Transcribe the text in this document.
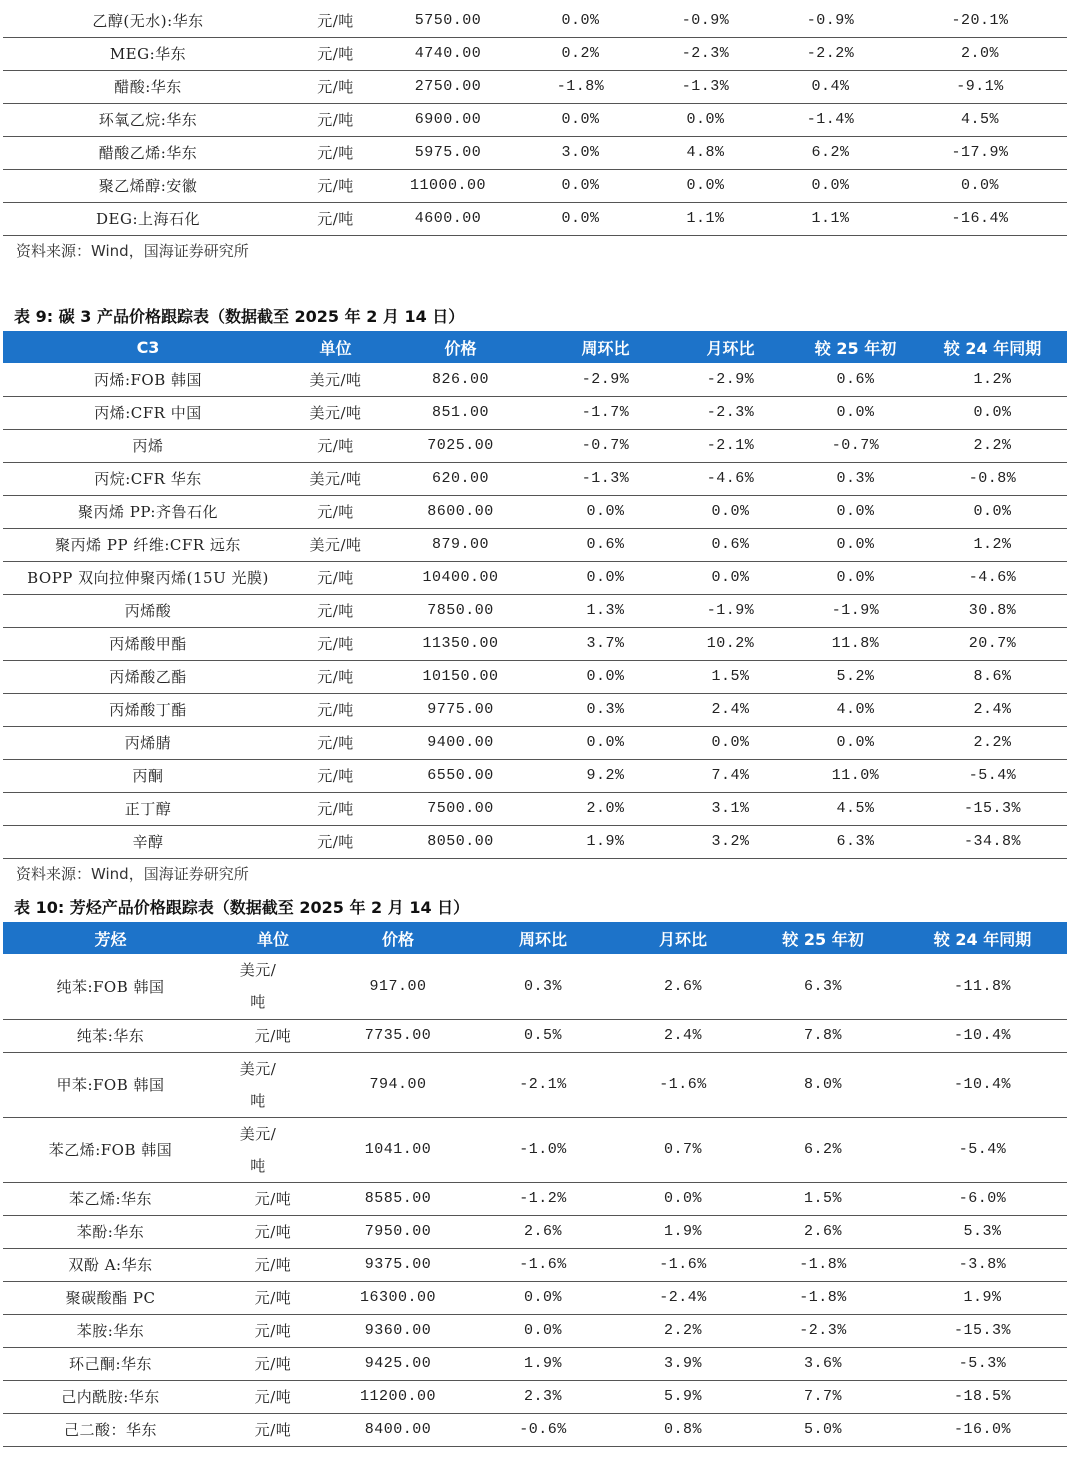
乙醇(无水):华东	元/吨	5750.00	0.0%	-0.9%	-0.9%	-20.1%
MEG:华东	元/吨	4740.00	0.2%	-2.3%	-2.2%	2.0%
醋酸:华东	元/吨	2750.00	-1.8%	-1.3%	0.4%	-9.1%
环氧乙烷:华东	元/吨	6900.00	0.0%	0.0%	-1.4%	4.5%
醋酸乙烯:华东	元/吨	5975.00	3.0%	4.8%	6.2%	-17.9%
聚乙烯醇:安徽	元/吨	11000.00	0.0%	0.0%	0.0%	0.0%
DEG:上海石化	元/吨	4600.00	0.0%	1.1%	1.1%	-16.4%
资料来源：Wind，国海证券研究所
表 9: 碳 3 产品价格跟踪表（数据截至 2025 年 2 月 14 日）
C3	单位	价格	周环比	月环比	较 25 年初	较 24 年同期
丙烯:FOB 韩国	美元/吨	826.00	-2.9%	-2.9%	0.6%	1.2%
丙烯:CFR 中国	美元/吨	851.00	-1.7%	-2.3%	0.0%	0.0%
丙烯	元/吨	7025.00	-0.7%	-2.1%	-0.7%	2.2%
丙烷:CFR 华东	美元/吨	620.00	-1.3%	-4.6%	0.3%	-0.8%
聚丙烯 PP:齐鲁石化	元/吨	8600.00	0.0%	0.0%	0.0%	0.0%
聚丙烯 PP 纤维:CFR 远东	美元/吨	879.00	0.6%	0.6%	0.0%	1.2%
BOPP 双向拉伸聚丙烯(15U 光膜)	元/吨	10400.00	0.0%	0.0%	0.0%	-4.6%
丙烯酸	元/吨	7850.00	1.3%	-1.9%	-1.9%	30.8%
丙烯酸甲酯	元/吨	11350.00	3.7%	10.2%	11.8%	20.7%
丙烯酸乙酯	元/吨	10150.00	0.0%	1.5%	5.2%	8.6%
丙烯酸丁酯	元/吨	9775.00	0.3%	2.4%	4.0%	2.4%
丙烯腈	元/吨	9400.00	0.0%	0.0%	0.0%	2.2%
丙酮	元/吨	6550.00	9.2%	7.4%	11.0%	-5.4%
正丁醇	元/吨	7500.00	2.0%	3.1%	4.5%	-15.3%
辛醇	元/吨	8050.00	1.9%	3.2%	6.3%	-34.8%
资料来源：Wind，国海证券研究所
表 10: 芳烃产品价格跟踪表（数据截至 2025 年 2 月 14 日）
芳烃	单位	价格	周环比	月环比	较 25 年初	较 24 年同期
纯苯:FOB 韩国	美元/
吨	917.00	0.3%	2.6%	6.3%	-11.8%
纯苯:华东	元/吨	7735.00	0.5%	2.4%	7.8%	-10.4%
甲苯:FOB 韩国	美元/
吨	794.00	-2.1%	-1.6%	8.0%	-10.4%
苯乙烯:FOB 韩国	美元/
吨	1041.00	-1.0%	0.7%	6.2%	-5.4%
苯乙烯:华东	元/吨	8585.00	-1.2%	0.0%	1.5%	-6.0%
苯酚:华东	元/吨	7950.00	2.6%	1.9%	2.6%	5.3%
双酚 A:华东	元/吨	9375.00	-1.6%	-1.6%	-1.8%	-3.8%
聚碳酸酯 PC	元/吨	16300.00	0.0%	-2.4%	-1.8%	1.9%
苯胺:华东	元/吨	9360.00	0.0%	2.2%	-2.3%	-15.3%
环己酮:华东	元/吨	9425.00	1.9%	3.9%	3.6%	-5.3%
己内酰胺:华东	元/吨	11200.00	2.3%	5.9%	7.7%	-18.5%
己二酸：华东	元/吨	8400.00	-0.6%	0.8%	5.0%	-16.0%
